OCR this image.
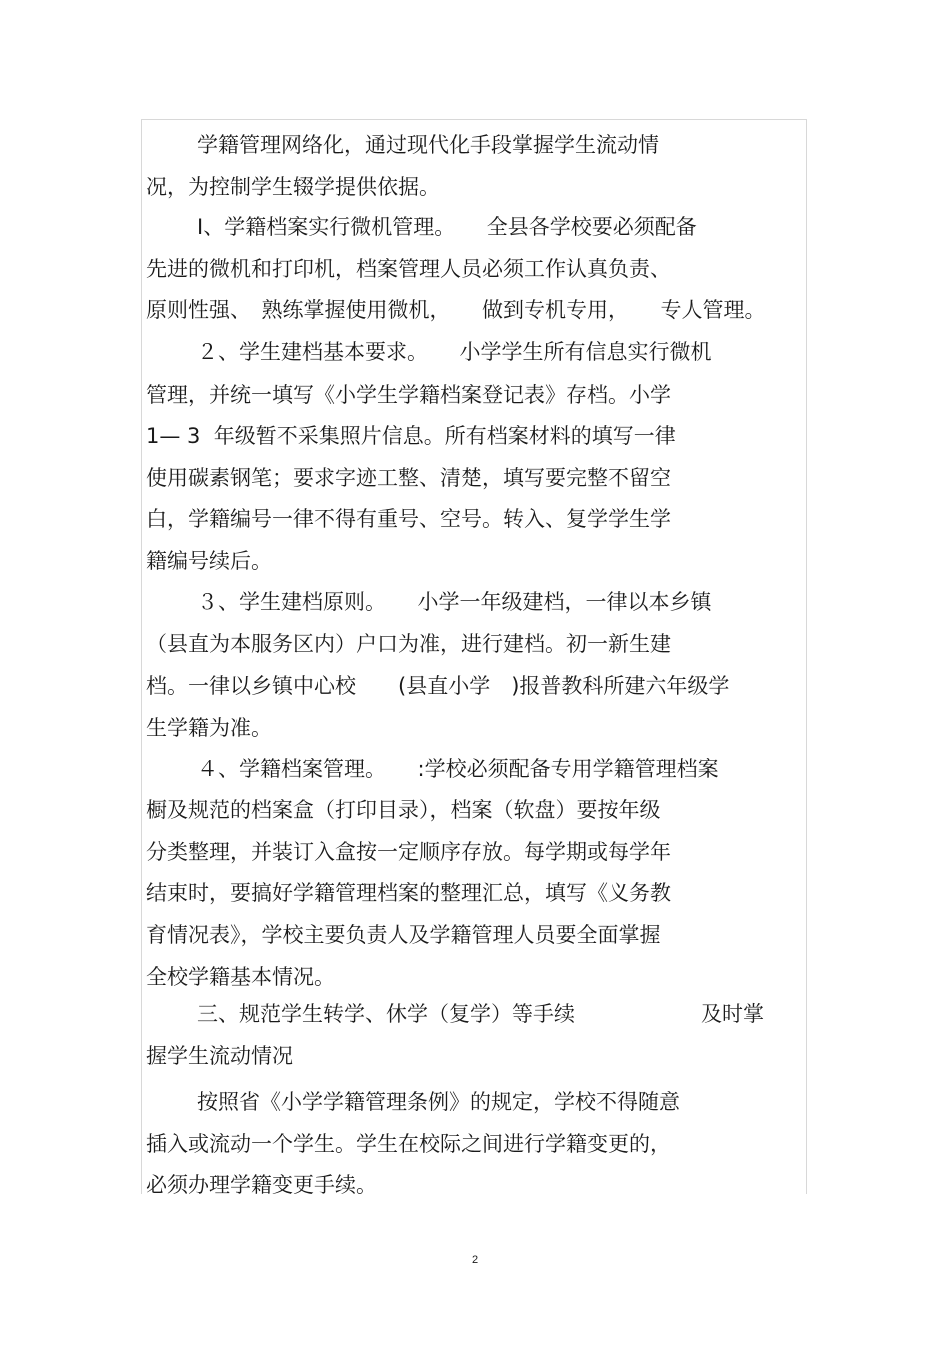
学籍管理网络化，通过现代化手段掌握学生流动情

况，为控制学生辍学提供依据。

Ⅰ、学籍档案实行微机管理。　　全县各学校要必须配备

先进的微机和打印机，档案管理人员必须工作认真负责、

原则性强、　熟练掌握使用微机，　　做到专机专用，　　专人管理。

２、学生建档基本要求。　　小学学生所有信息实行微机

管理，并统一填写《小学生学籍档案登记表》存档。小学

1— 3  年级暂不采集照片信息。所有档案材料的填写一律

使用碳素钢笔；要求字迹工整、清楚，填写要完整不留空

白，学籍编号一律不得有重号、空号。转入、复学学生学

籍编号续后。

３、学生建档原则。　　小学一年级建档，一律以本乡镇

（县直为本服务区内）户口为准，进行建档。初一新生建

档。一律以乡镇中心校　　(县直小学　)报普教科所建六年级学

生学籍为准。

４、学籍档案管理。　　:学校必须配备专用学籍管理档案

橱及规范的档案盒（打印目录），档案（软盘）要按年级

分类整理，并装订入盒按一定顺序存放。每学期或每学年

结束时，要搞好学籍管理档案的整理汇总，填写《义务教

育情况表》，学校主要负责人及学籍管理人员要全面掌握

全校学籍基本情况。

三、规范学生转学、休学（复学）等手续　　　　　　及时掌

握学生流动情况

按照省《小学学籍管理条例》的规定，学校不得随意

插入或流动一个学生。学生在校际之间进行学籍变更的，

必须办理学籍变更手续。

2
